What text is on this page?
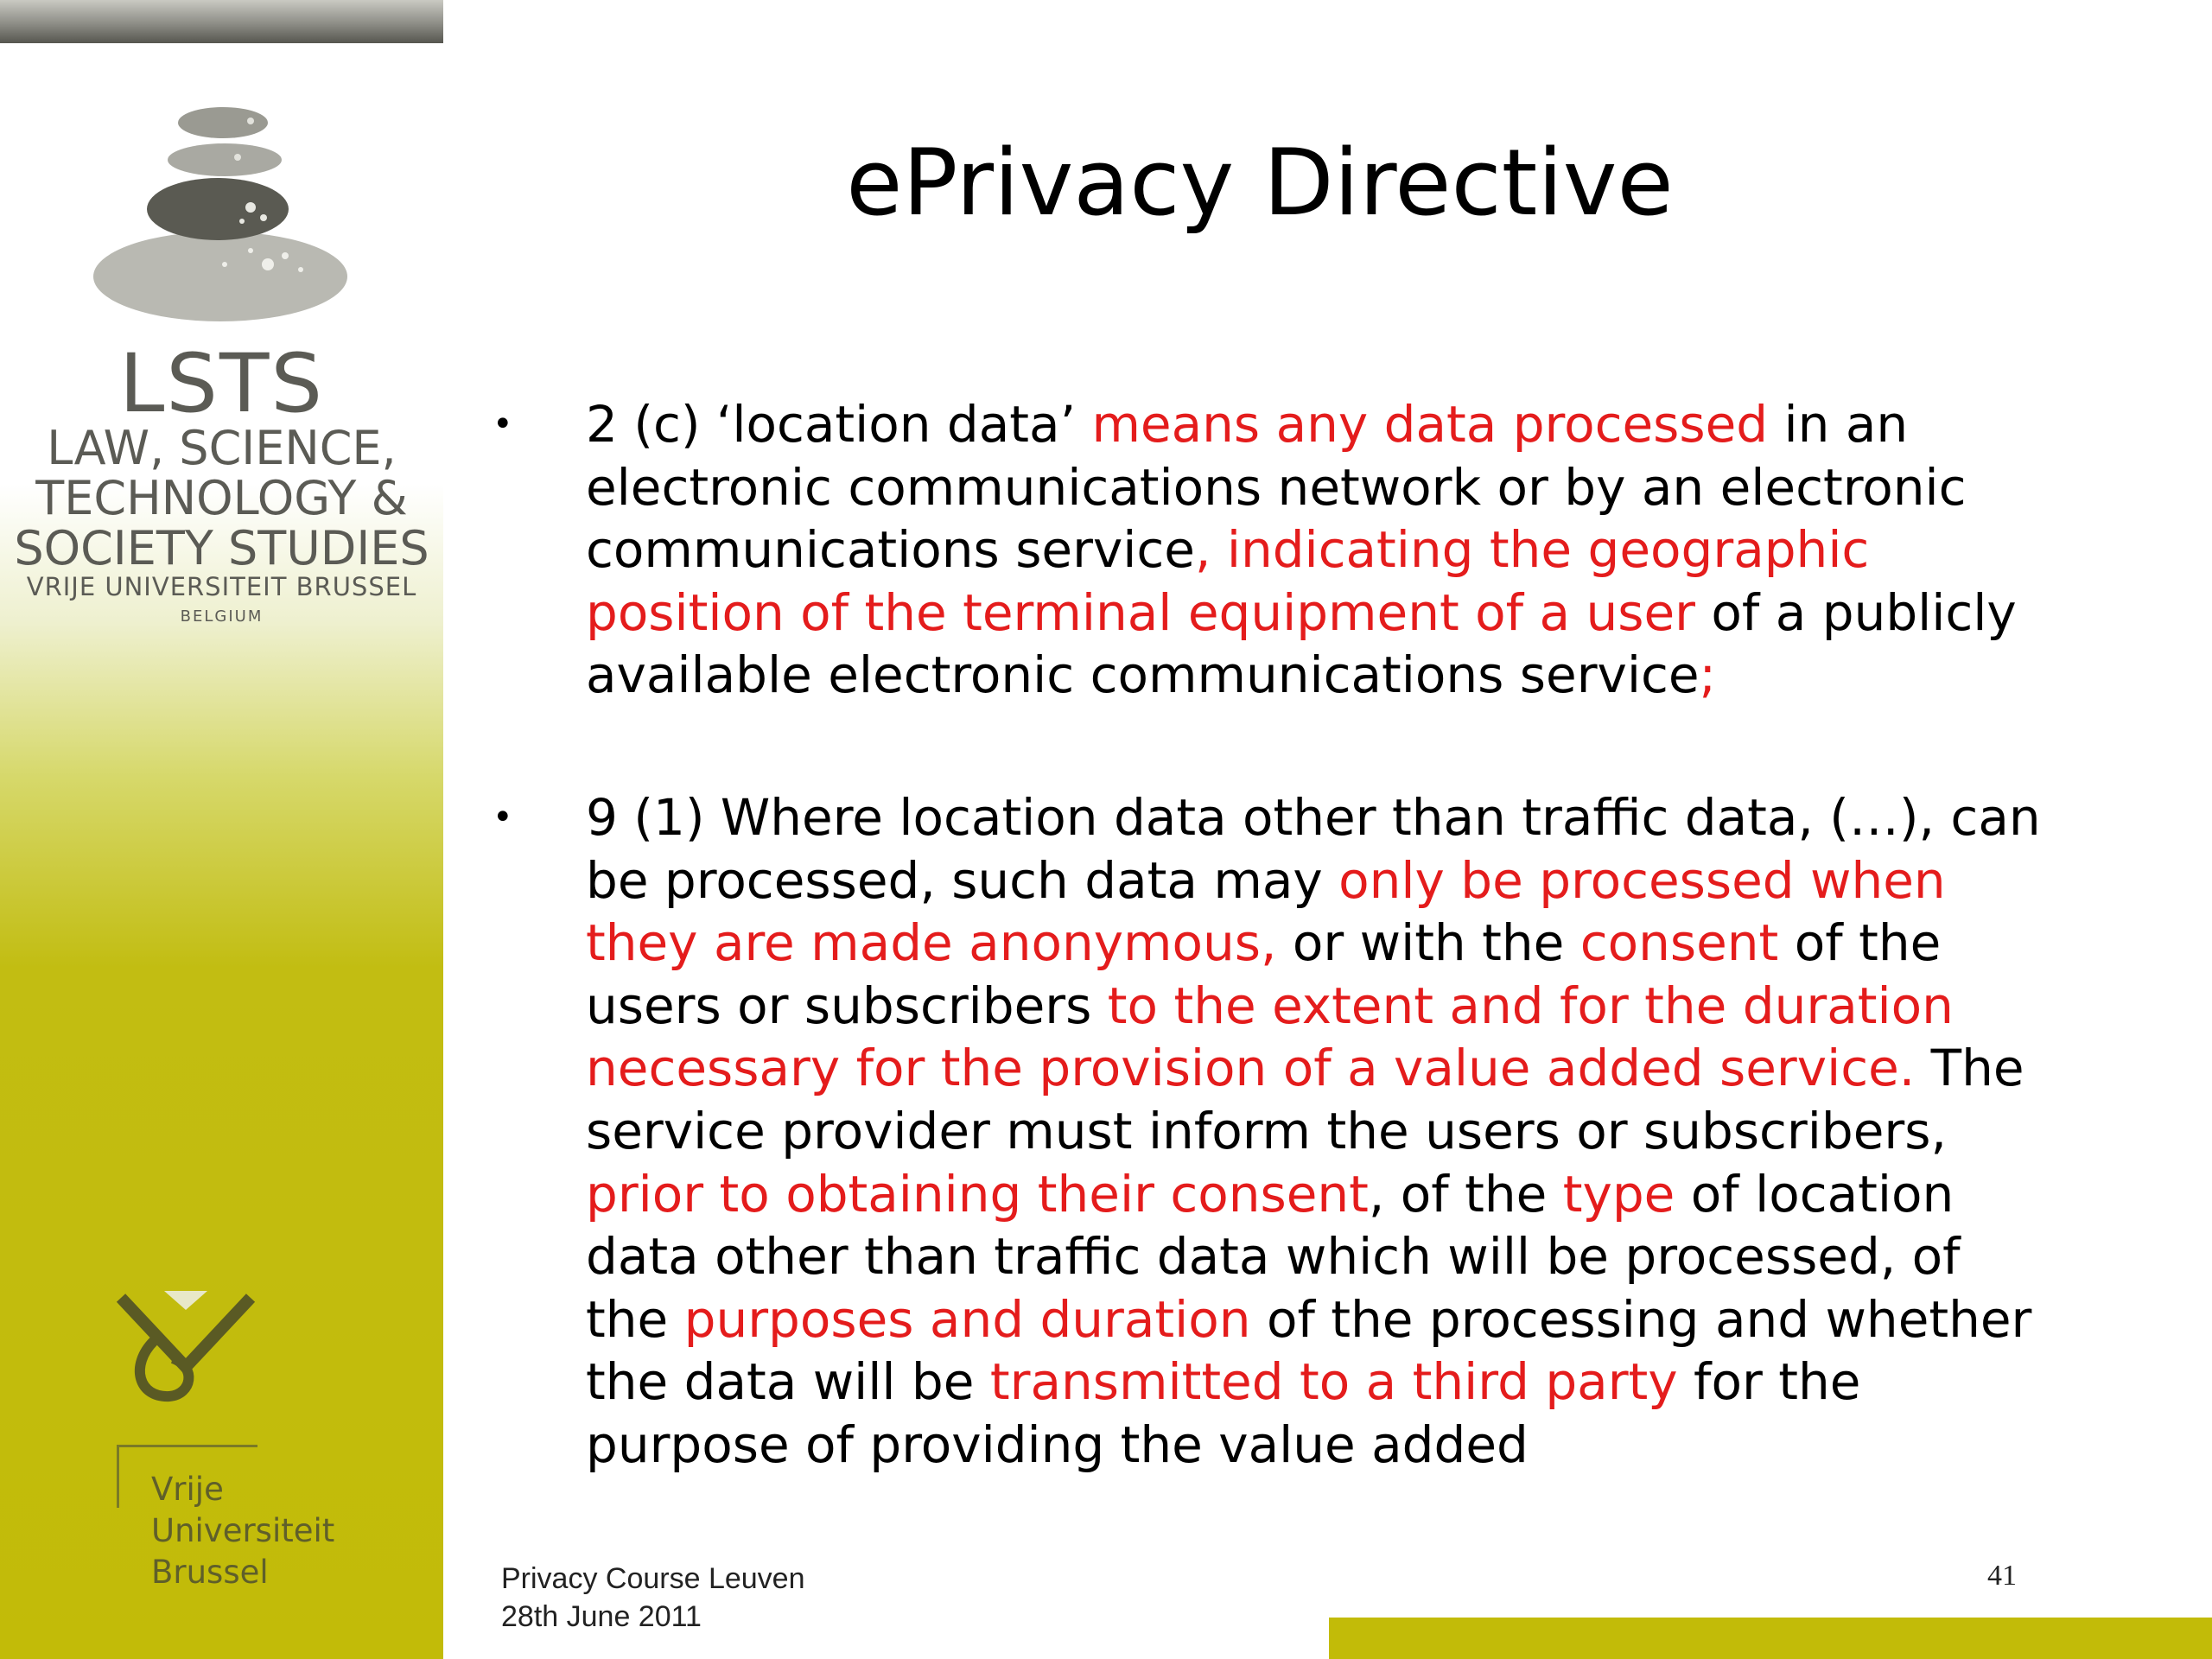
LSTS
LAW, SCIENCE,
TECHNOLOGY &
SOCIETY STUDIES
VRIJE UNIVERSITEIT BRUSSEL
BELGIUM
Vrije
Universiteit
Brussel
ePrivacy Directive
• 2 (c) ‘location data’ means any data processed in an electronic communications network or by an electronic communications service, indicating the geographic position of the terminal equipment of a user of a publicly available electronic communications service;
• 9 (1) Where location data other than traffic data, (…), can be processed, such data may only be processed when they are made anonymous, or with the consent of the users or subscribers to the extent and for the duration necessary for the provision of a value added service. The service provider must inform the users or subscribers, prior to obtaining their consent, of the type of location data other than traffic data which will be processed, of the purposes and duration of the processing and whether the data will be transmitted to a third party for the purpose of providing the value added
Privacy Course Leuven
28th June 2011
41
